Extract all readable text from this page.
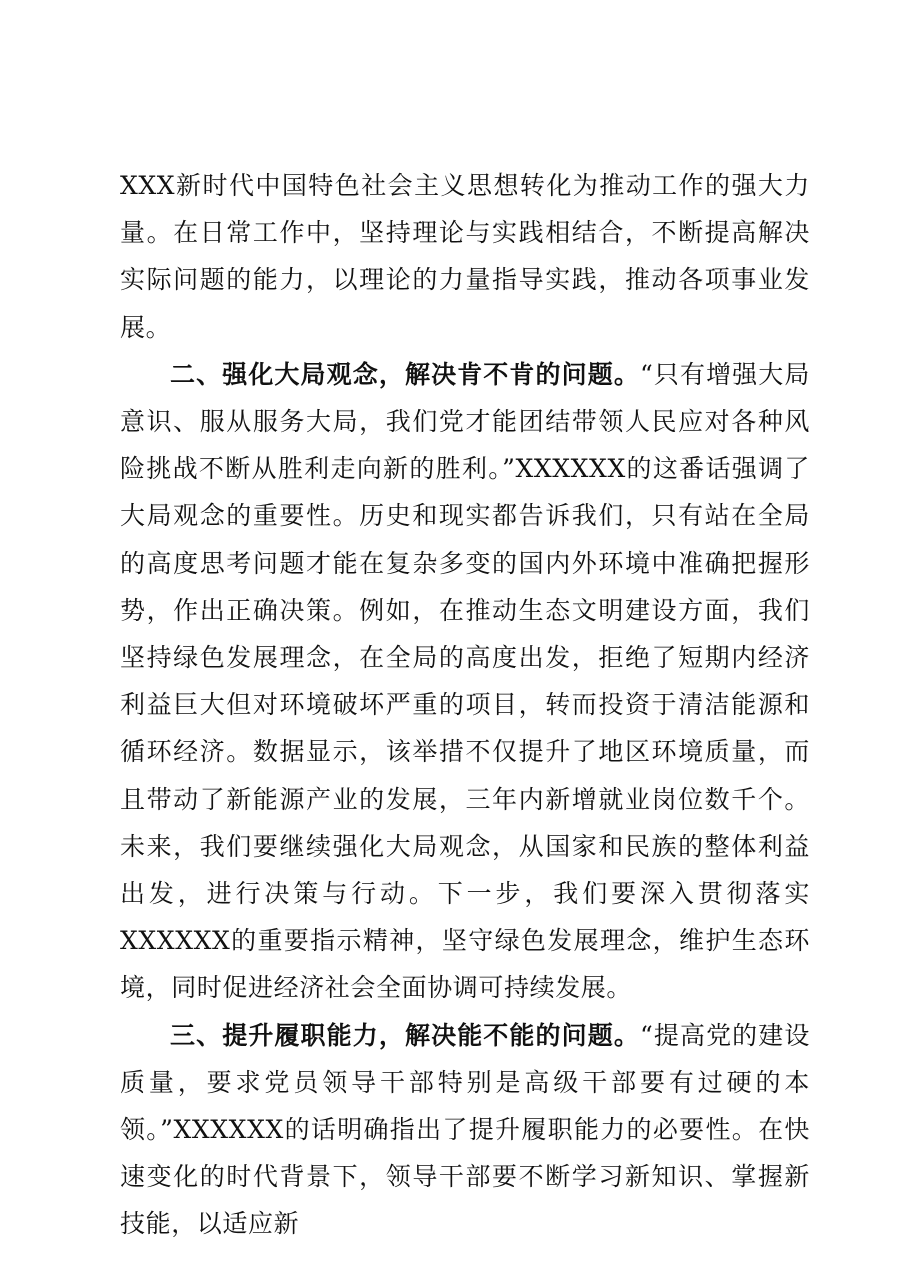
XXX新时代中国特色社会主义思想转化为推动工作的强大力量。在日常工作中，坚持理论与实践相结合，不断提高解决实际问题的能力，以理论的力量指导实践，推动各项事业发展。

二、强化大局观念，解决肯不肯的问题。“只有增强大局意识、服从服务大局，我们党才能团结带领人民应对各种风险挑战不断从胜利走向新的胜利。”XXXXXX的这番话强调了大局观念的重要性。历史和现实都告诉我们，只有站在全局的高度思考问题才能在复杂多变的国内外环境中准确把握形势，作出正确决策。例如，在推动生态文明建设方面，我们坚持绿色发展理念，在全局的高度出发，拒绝了短期内经济利益巨大但对环境破坏严重的项目，转而投资于清洁能源和循环经济。数据显示，该举措不仅提升了地区环境质量，而且带动了新能源产业的发展，三年内新增就业岗位数千个。未来，我们要继续强化大局观念，从国家和民族的整体利益出发，进行决策与行动。下一步，我们要深入贯彻落实XXXXXX的重要指示精神，坚守绿色发展理念，维护生态环境，同时促进经济社会全面协调可持续发展。

三、提升履职能力，解决能不能的问题。“提高党的建设质量，要求党员领导干部特别是高级干部要有过硬的本领。”XXXXXX的话明确指出了提升履职能力的必要性。在快速变化的时代背景下，领导干部要不断学习新知识、掌握新技能，以适应新
